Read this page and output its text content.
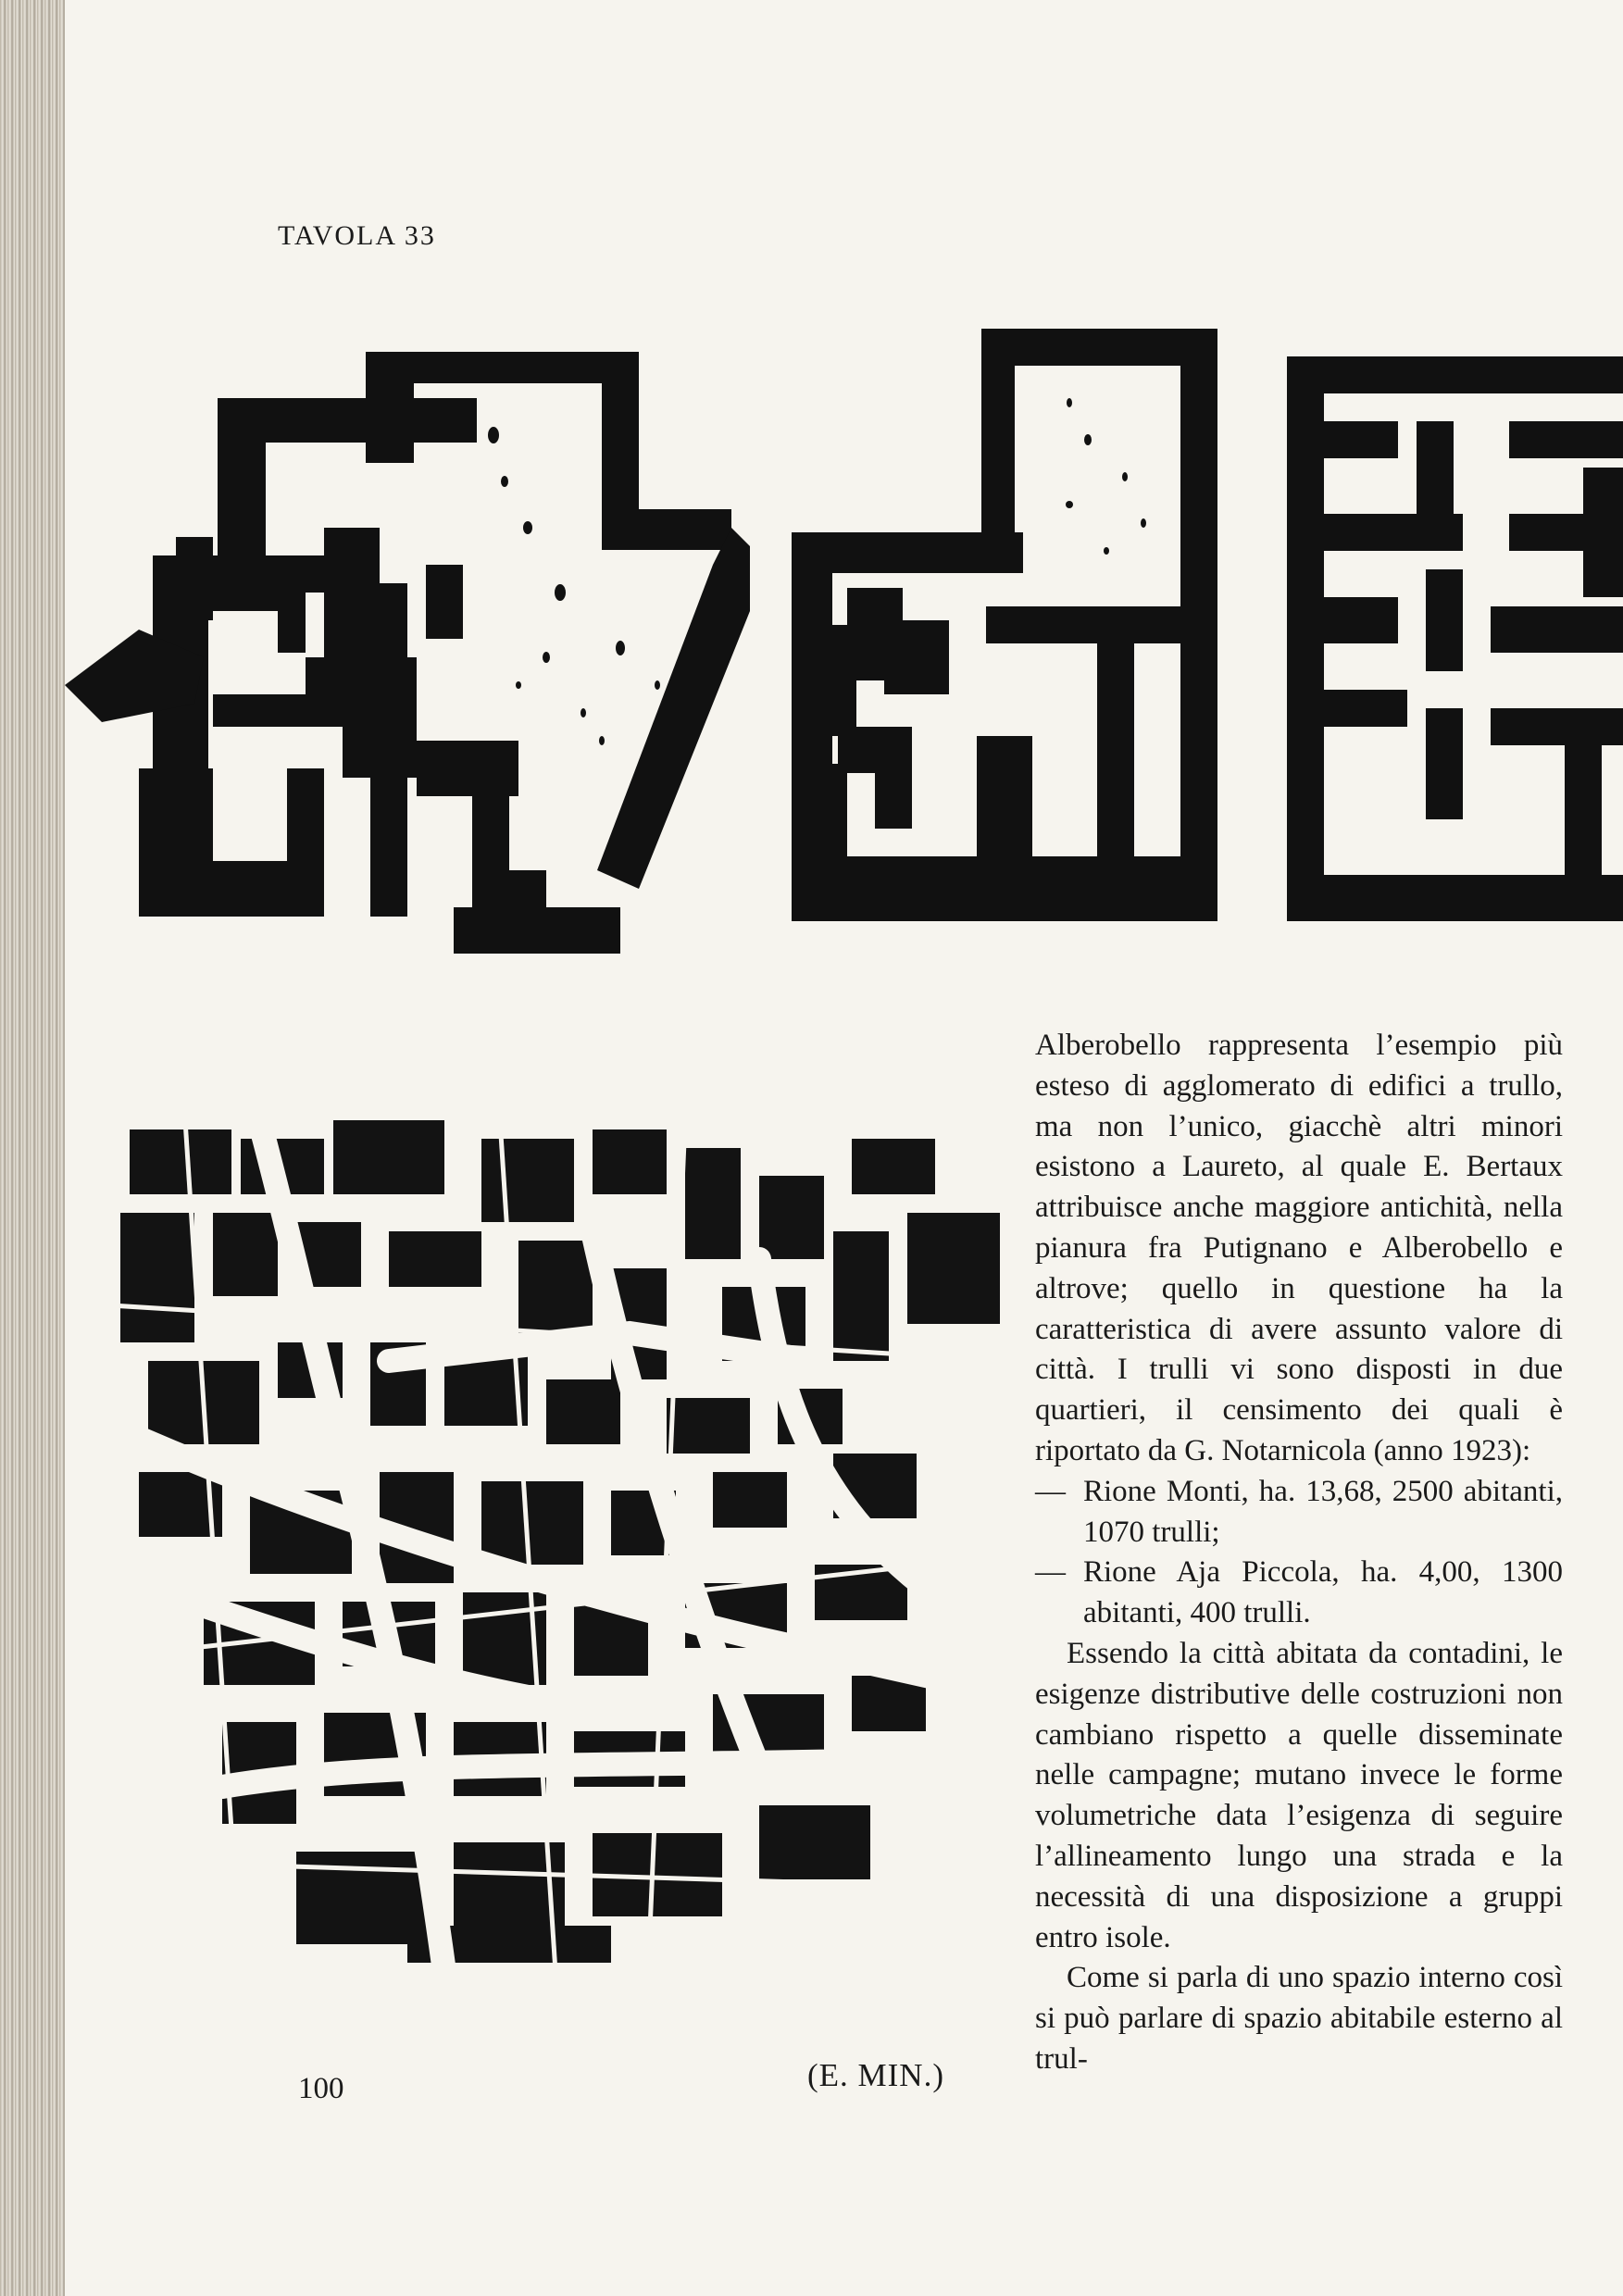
TAVOLA 33
(E. MIN.)
100

Alberobello rappresenta l’esempio più esteso di agglomerato di edifici a trullo, ma non l’unico, giacchè altri minori esistono a Laureto, al quale E. Bertaux attribuisce anche maggiore antichità, nella pianura fra Putignano e Alberobello e altrove; quello in questione ha la caratteristica di avere assunto valore di città. I trulli vi sono disposti in due quartieri, il censimento dei quali è riportato da G. Notarnicola (anno 1923):

— Rione Monti, ha. 13,68, 2500 abitanti, 1070 trulli;
— Rione Aja Piccola, ha. 4,00, 1300 abitanti, 400 trulli.

Essendo la città abitata da contadini, le esigenze distributive delle costruzioni non cambiano rispetto a quelle disseminate nelle campagne; mutano invece le forme volumetriche data l’esigenza di seguire l’allineamento lungo una strada e la necessità di una disposizione a gruppi entro isole.

Come si parla di uno spazio interno così si può parlare di spazio abitabile esterno al trul-
